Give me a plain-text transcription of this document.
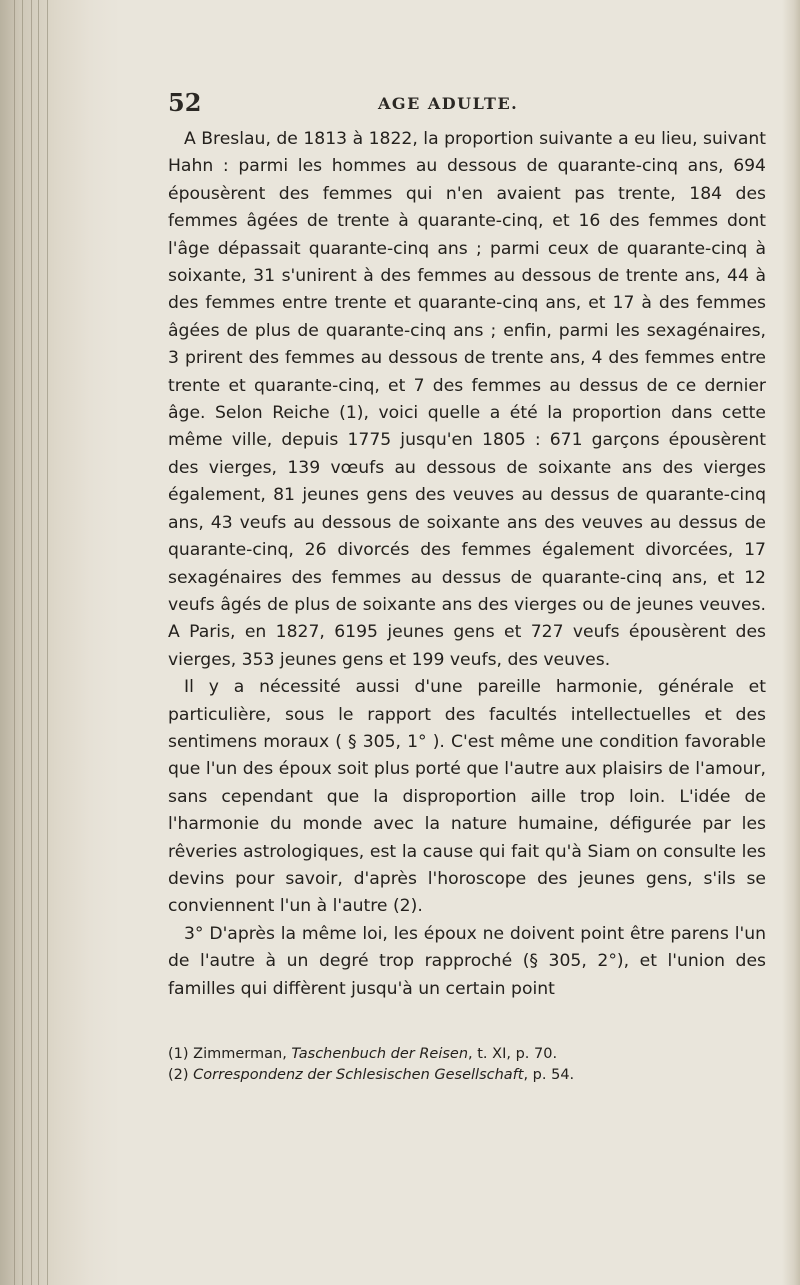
52	AGE ADULTE.

A Breslau, de 1813 à 1822, la proportion suivante a eu lieu, suivant Hahn : parmi les hommes au dessous de quarante-cinq ans, 694 épousèrent des femmes qui n'en avaient pas trente, 184 des femmes âgées de trente à quarante-cinq, et 16 des femmes dont l'âge dépassait quarante-cinq ans ; parmi ceux de quarante-cinq à soixante, 31 s'unirent à des femmes au dessous de trente ans, 44 à des femmes entre trente et quarante-cinq ans, et 17 à des femmes âgées de plus de quarante-cinq ans ; enfin, parmi les sexagénaires, 3 prirent des femmes au dessous de trente ans, 4 des femmes entre trente et quarante-cinq, et 7 des femmes au dessus de ce dernier âge. Selon Reiche (1), voici quelle a été la proportion dans cette même ville, depuis 1775 jusqu'en 1805 : 671 garçons épousèrent des vierges, 139 vœufs au dessous de soixante ans des vierges également, 81 jeunes gens des veuves au dessus de quarante-cinq ans, 43 veufs au dessous de soixante ans des veuves au dessus de quarante-cinq, 26 divorcés des femmes également divorcées, 17 sexagénaires des femmes au dessus de quarante-cinq ans, et 12 veufs âgés de plus de soixante ans des vierges ou de jeunes veuves. A Paris, en 1827, 6195 jeunes gens et 727 veufs épousèrent des vierges, 353 jeunes gens et 199 veufs, des veuves.

Il y a nécessité aussi d'une pareille harmonie, générale et particulière, sous le rapport des facultés intellectuelles et des sentimens moraux ( § 305, 1° ). C'est même une condition favorable que l'un des époux soit plus porté que l'autre aux plaisirs de l'amour, sans cependant que la disproportion aille trop loin. L'idée de l'harmonie du monde avec la nature humaine, défigurée par les rêveries astrologiques, est la cause qui fait qu'à Siam on consulte les devins pour savoir, d'après l'horoscope des jeunes gens, s'ils se conviennent l'un à l'autre (2).

3° D'après la même loi, les époux ne doivent point être parens l'un de l'autre à un degré trop rapproché (§ 305, 2°), et l'union des familles qui diffèrent jusqu'à un certain point

(1) Zimmerman, Taschenbuch der Reisen, t. XI, p. 70.
(2) Correspondenz der Schlesischen Gesellschaft, p. 54.
